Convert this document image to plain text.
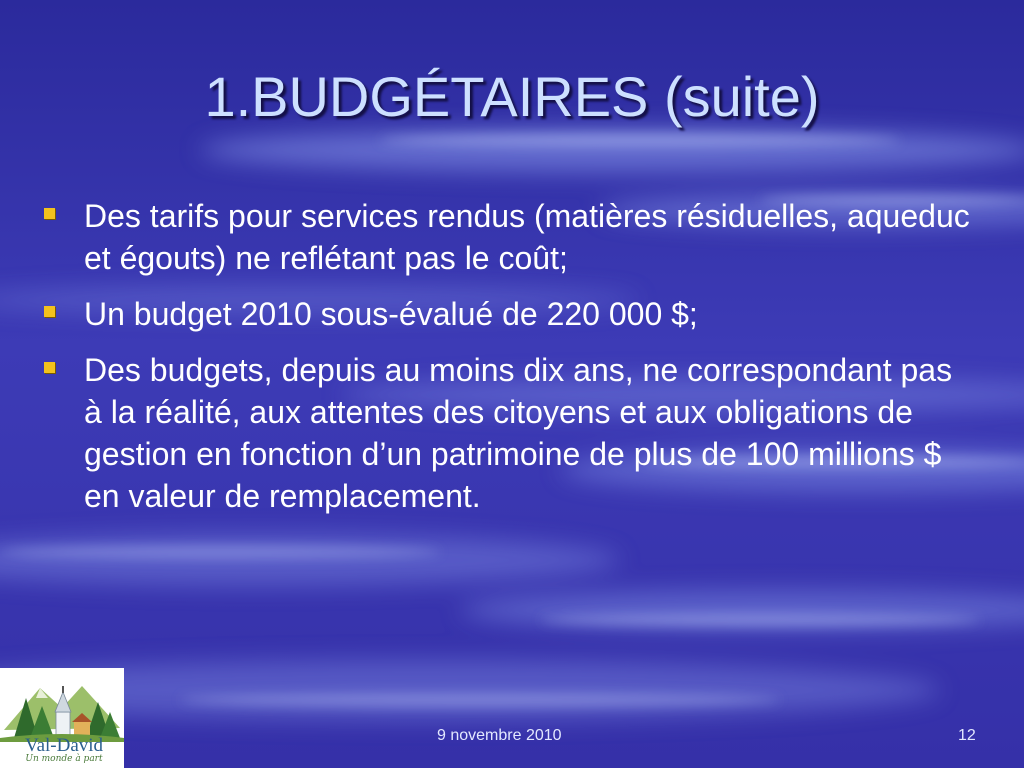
1.BUDGÉTAIRES (suite)
Des tarifs pour services rendus (matières résiduelles, aqueduc et égouts) ne reflétant pas le coût;
Un budget 2010 sous-évalué de 220 000 $;
Des budgets, depuis au moins dix ans, ne correspondant pas à la réalité, aux attentes des citoyens et aux obligations de gestion en fonction d’un patrimoine de plus de 100 millions $ en valeur de remplacement.
Val-David
Un monde à part
9 novembre 2010	12
